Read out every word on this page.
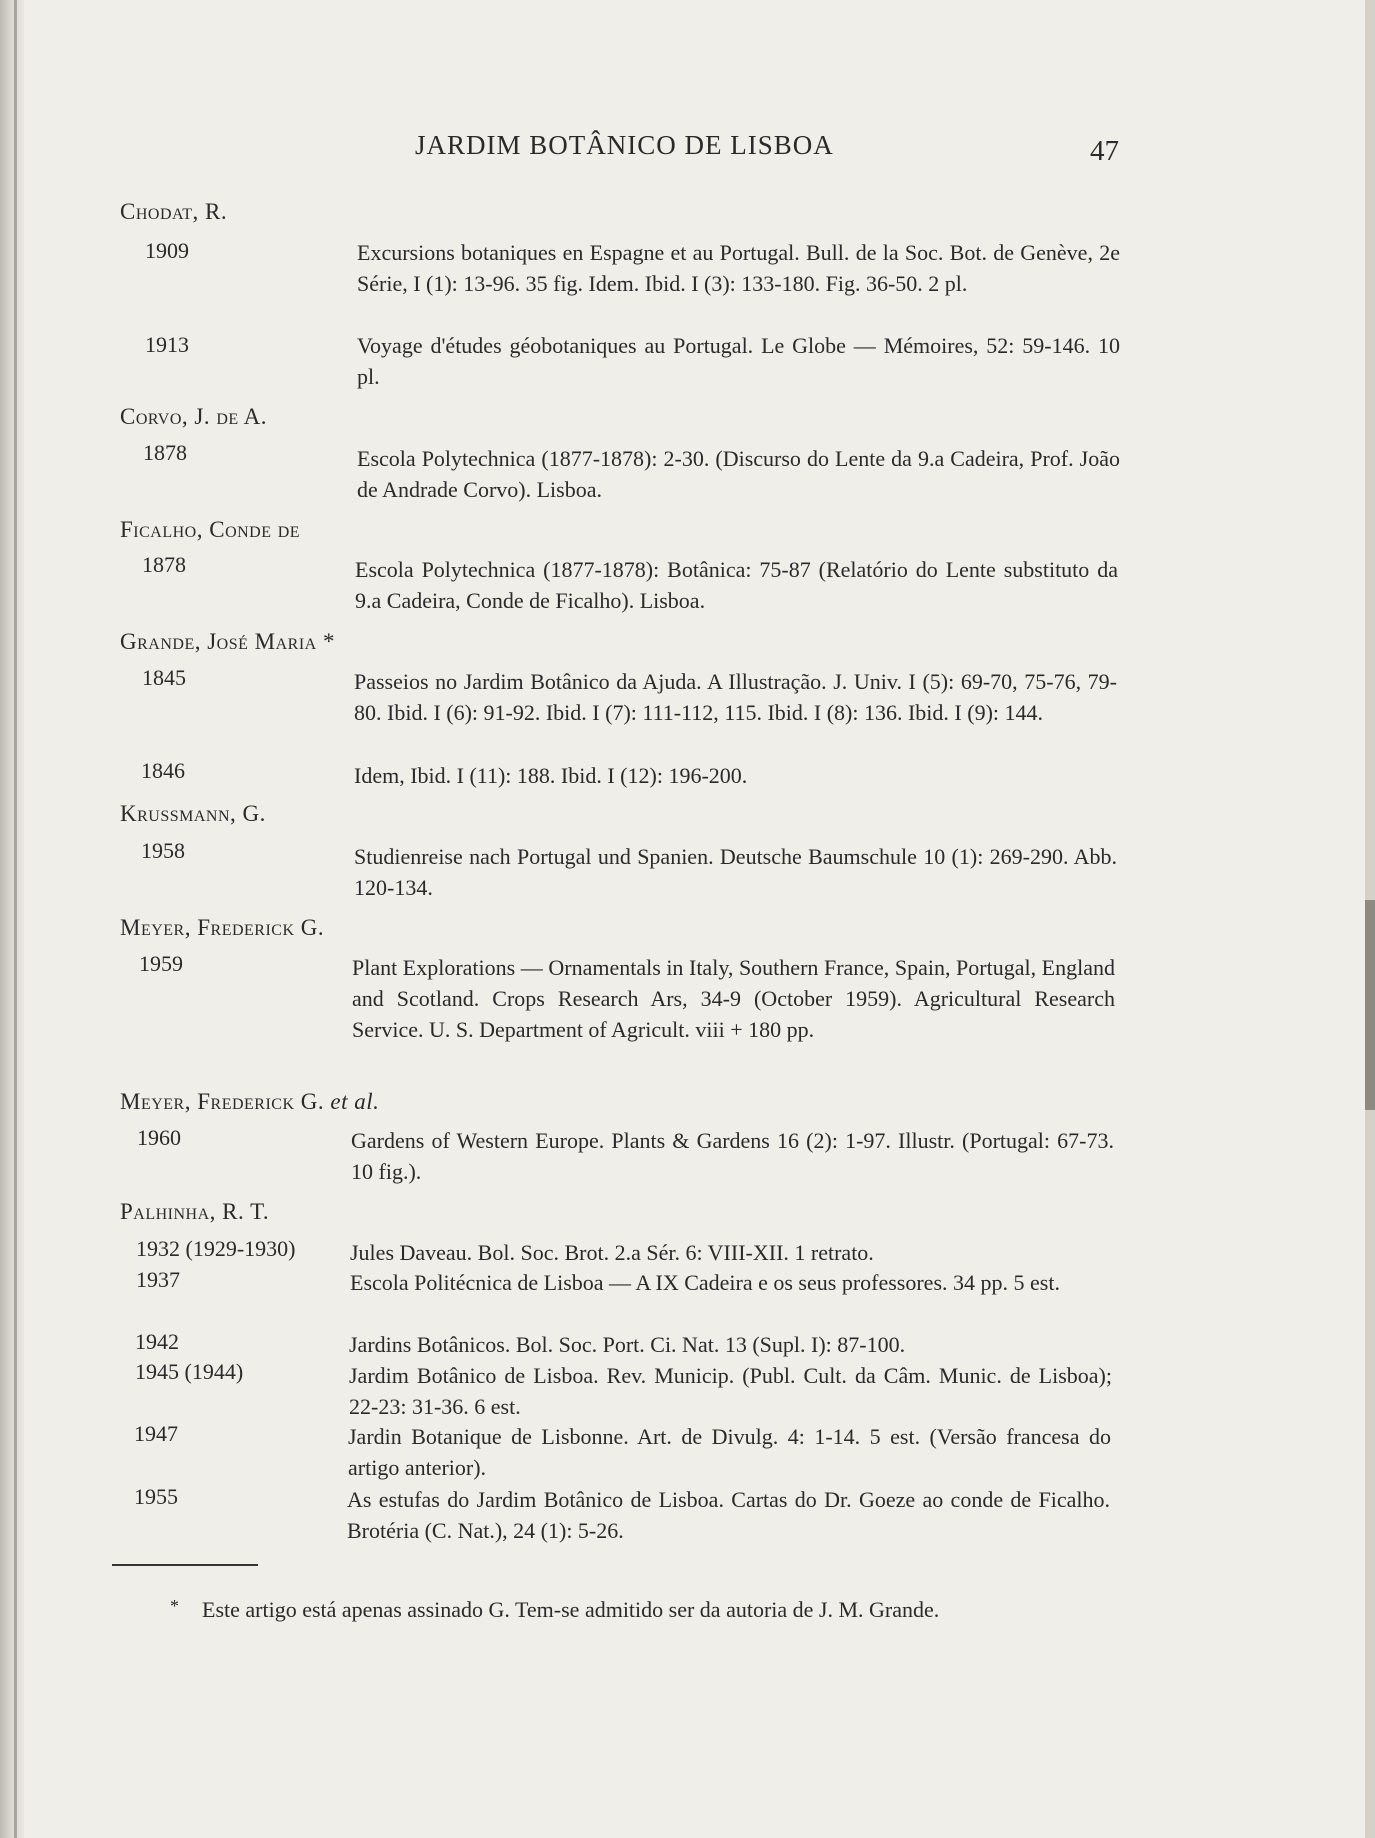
JARDIM BOTÂNICO DE LISBOA	47
Chodat, R.
1909	Excursions botaniques en Espagne et au Portugal. Bull. de la Soc. Bot. de Genève, 2e Série, I (1): 13-96. 35 fig. Idem. Ibid. I (3): 133-180. Fig. 36-50. 2 pl.
1913	Voyage d'études géobotaniques au Portugal. Le Globe — Mémoires, 52: 59-146. 10 pl.
Corvo, J. de A.
1878	Escola Polytechnica (1877-1878): 2-30. (Discurso do Lente da 9.a Cadeira, Prof. João de Andrade Corvo). Lisboa.
Ficalho, Conde de
1878	Escola Polytechnica (1877-1878): Botânica: 75-87 (Relatório do Lente substituto da 9.a Cadeira, Conde de Ficalho). Lisboa.
Grande, José Maria *
1845	Passeios no Jardim Botânico da Ajuda. A Illustração. J. Univ. I (5): 69-70, 75-76, 79-80. Ibid. I (6): 91-92. Ibid. I (7): 111-112, 115. Ibid. I (8): 136. Ibid. I (9): 144.
1846	Idem, Ibid. I (11): 188. Ibid. I (12): 196-200.
Krussmann, G.
1958	Studienreise nach Portugal und Spanien. Deutsche Baumschule 10 (1): 269-290. Abb. 120-134.
Meyer, Frederick G.
1959	Plant Explorations — Ornamentals in Italy, Southern France, Spain, Portugal, England and Scotland. Crops Research Ars, 34-9 (October 1959). Agricultural Research Service. U. S. Department of Agricult. viii + 180 pp.
Meyer, Frederick G. et al.
1960	Gardens of Western Europe. Plants & Gardens 16 (2): 1-97. Illustr. (Portugal: 67-73. 10 fig.).
Palhinha, R. T.
1932 (1929-1930) Jules Daveau. Bol. Soc. Brot. 2.a Sér. 6: VIII-XII. 1 retrato.
1937	Escola Politécnica de Lisboa — A IX Cadeira e os seus professores. 34 pp. 5 est.
1942	Jardins Botânicos. Bol. Soc. Port. Ci. Nat. 13 (Supl. I): 87-100.
1945 (1944)	Jardim Botânico de Lisboa. Rev. Municip. (Publ. Cult. da Câm. Munic. de Lisboa); 22-23: 31-36. 6 est.
1947	Jardin Botanique de Lisbonne. Art. de Divulg. 4: 1-14. 5 est. (Versão francesa do artigo anterior).
1955	As estufas do Jardim Botânico de Lisboa. Cartas do Dr. Goeze ao conde de Ficalho. Brotéria (C. Nat.), 24 (1): 5-26.
* Este artigo está apenas assinado G. Tem-se admitido ser da autoria de J. M. Grande.
